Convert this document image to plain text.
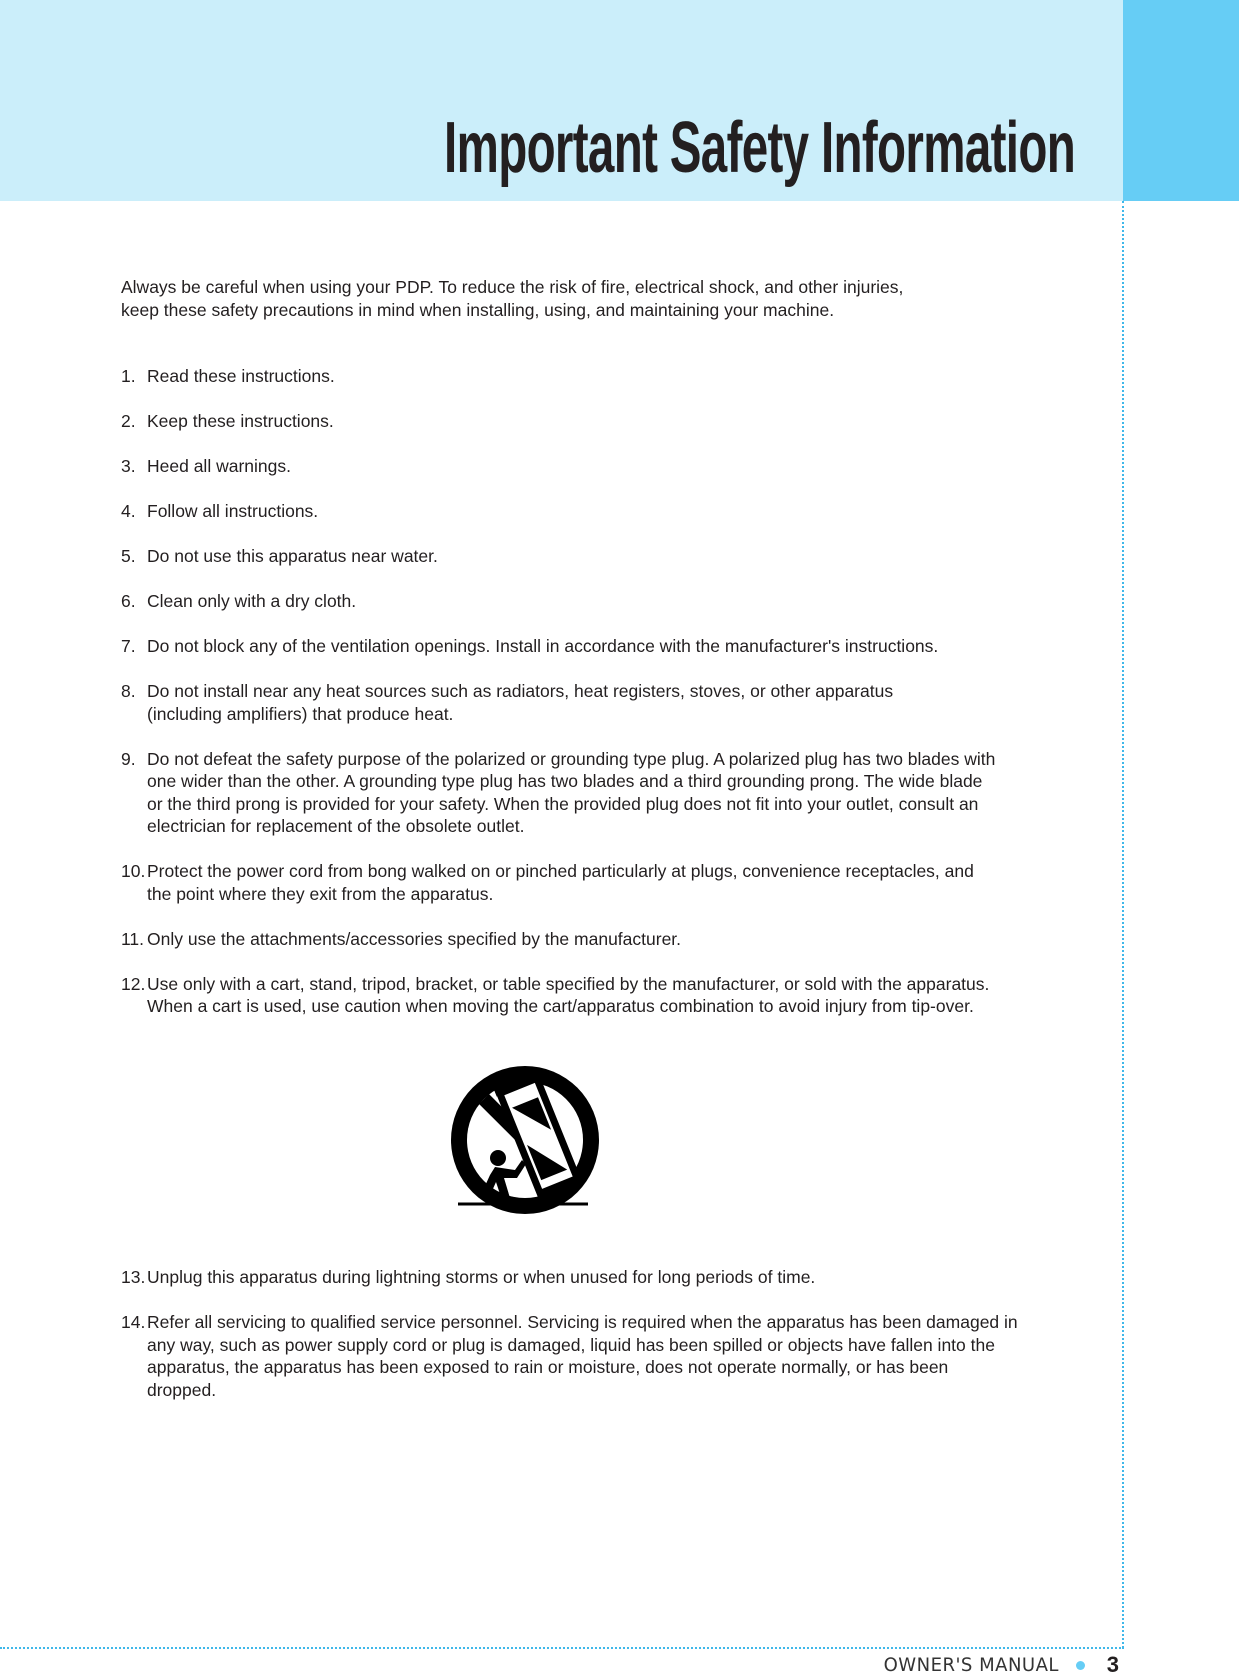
Important Safety Information
Always be careful when using your PDP. To reduce the risk of fire, electrical shock, and other injuries,
keep these safety precautions in mind when installing, using, and maintaining your machine.
1. Read these instructions.
2. Keep these instructions.
3. Heed all warnings.
4. Follow all instructions.
5. Do not use this apparatus near water.
6. Clean only with a dry cloth.
7. Do not block any of the ventilation openings. Install in accordance with the manufacturer's instructions.
8. Do not install near any heat sources such as radiators, heat registers, stoves, or other apparatus
(including amplifiers) that produce heat.
9. Do not defeat the safety purpose of the polarized or grounding type plug. A polarized plug has two blades with
one wider than the other. A grounding type plug has two blades and a third grounding prong. The wide blade
or the third prong is provided for your safety. When the provided plug does not fit into your outlet, consult an
electrician for replacement of the obsolete outlet.
10. Protect the power cord from bong walked on or pinched particularly at plugs, convenience receptacles, and
the point where they exit from the apparatus.
11. Only use the attachments/accessories specified by the manufacturer.
12. Use only with a cart, stand, tripod, bracket, or table specified by the manufacturer, or sold with the apparatus.
When a cart is used, use caution when moving the cart/apparatus combination to avoid injury from tip-over.
13. Unplug this apparatus during lightning storms or when unused for long periods of time.
14. Refer all servicing to qualified service personnel. Servicing is required when the apparatus has been damaged in
any way, such as power supply cord or plug is damaged, liquid has been spilled or objects have fallen into the
apparatus, the apparatus has been exposed to rain or moisture, does not operate normally, or has been dropped.
OWNER'S MANUAL 3
